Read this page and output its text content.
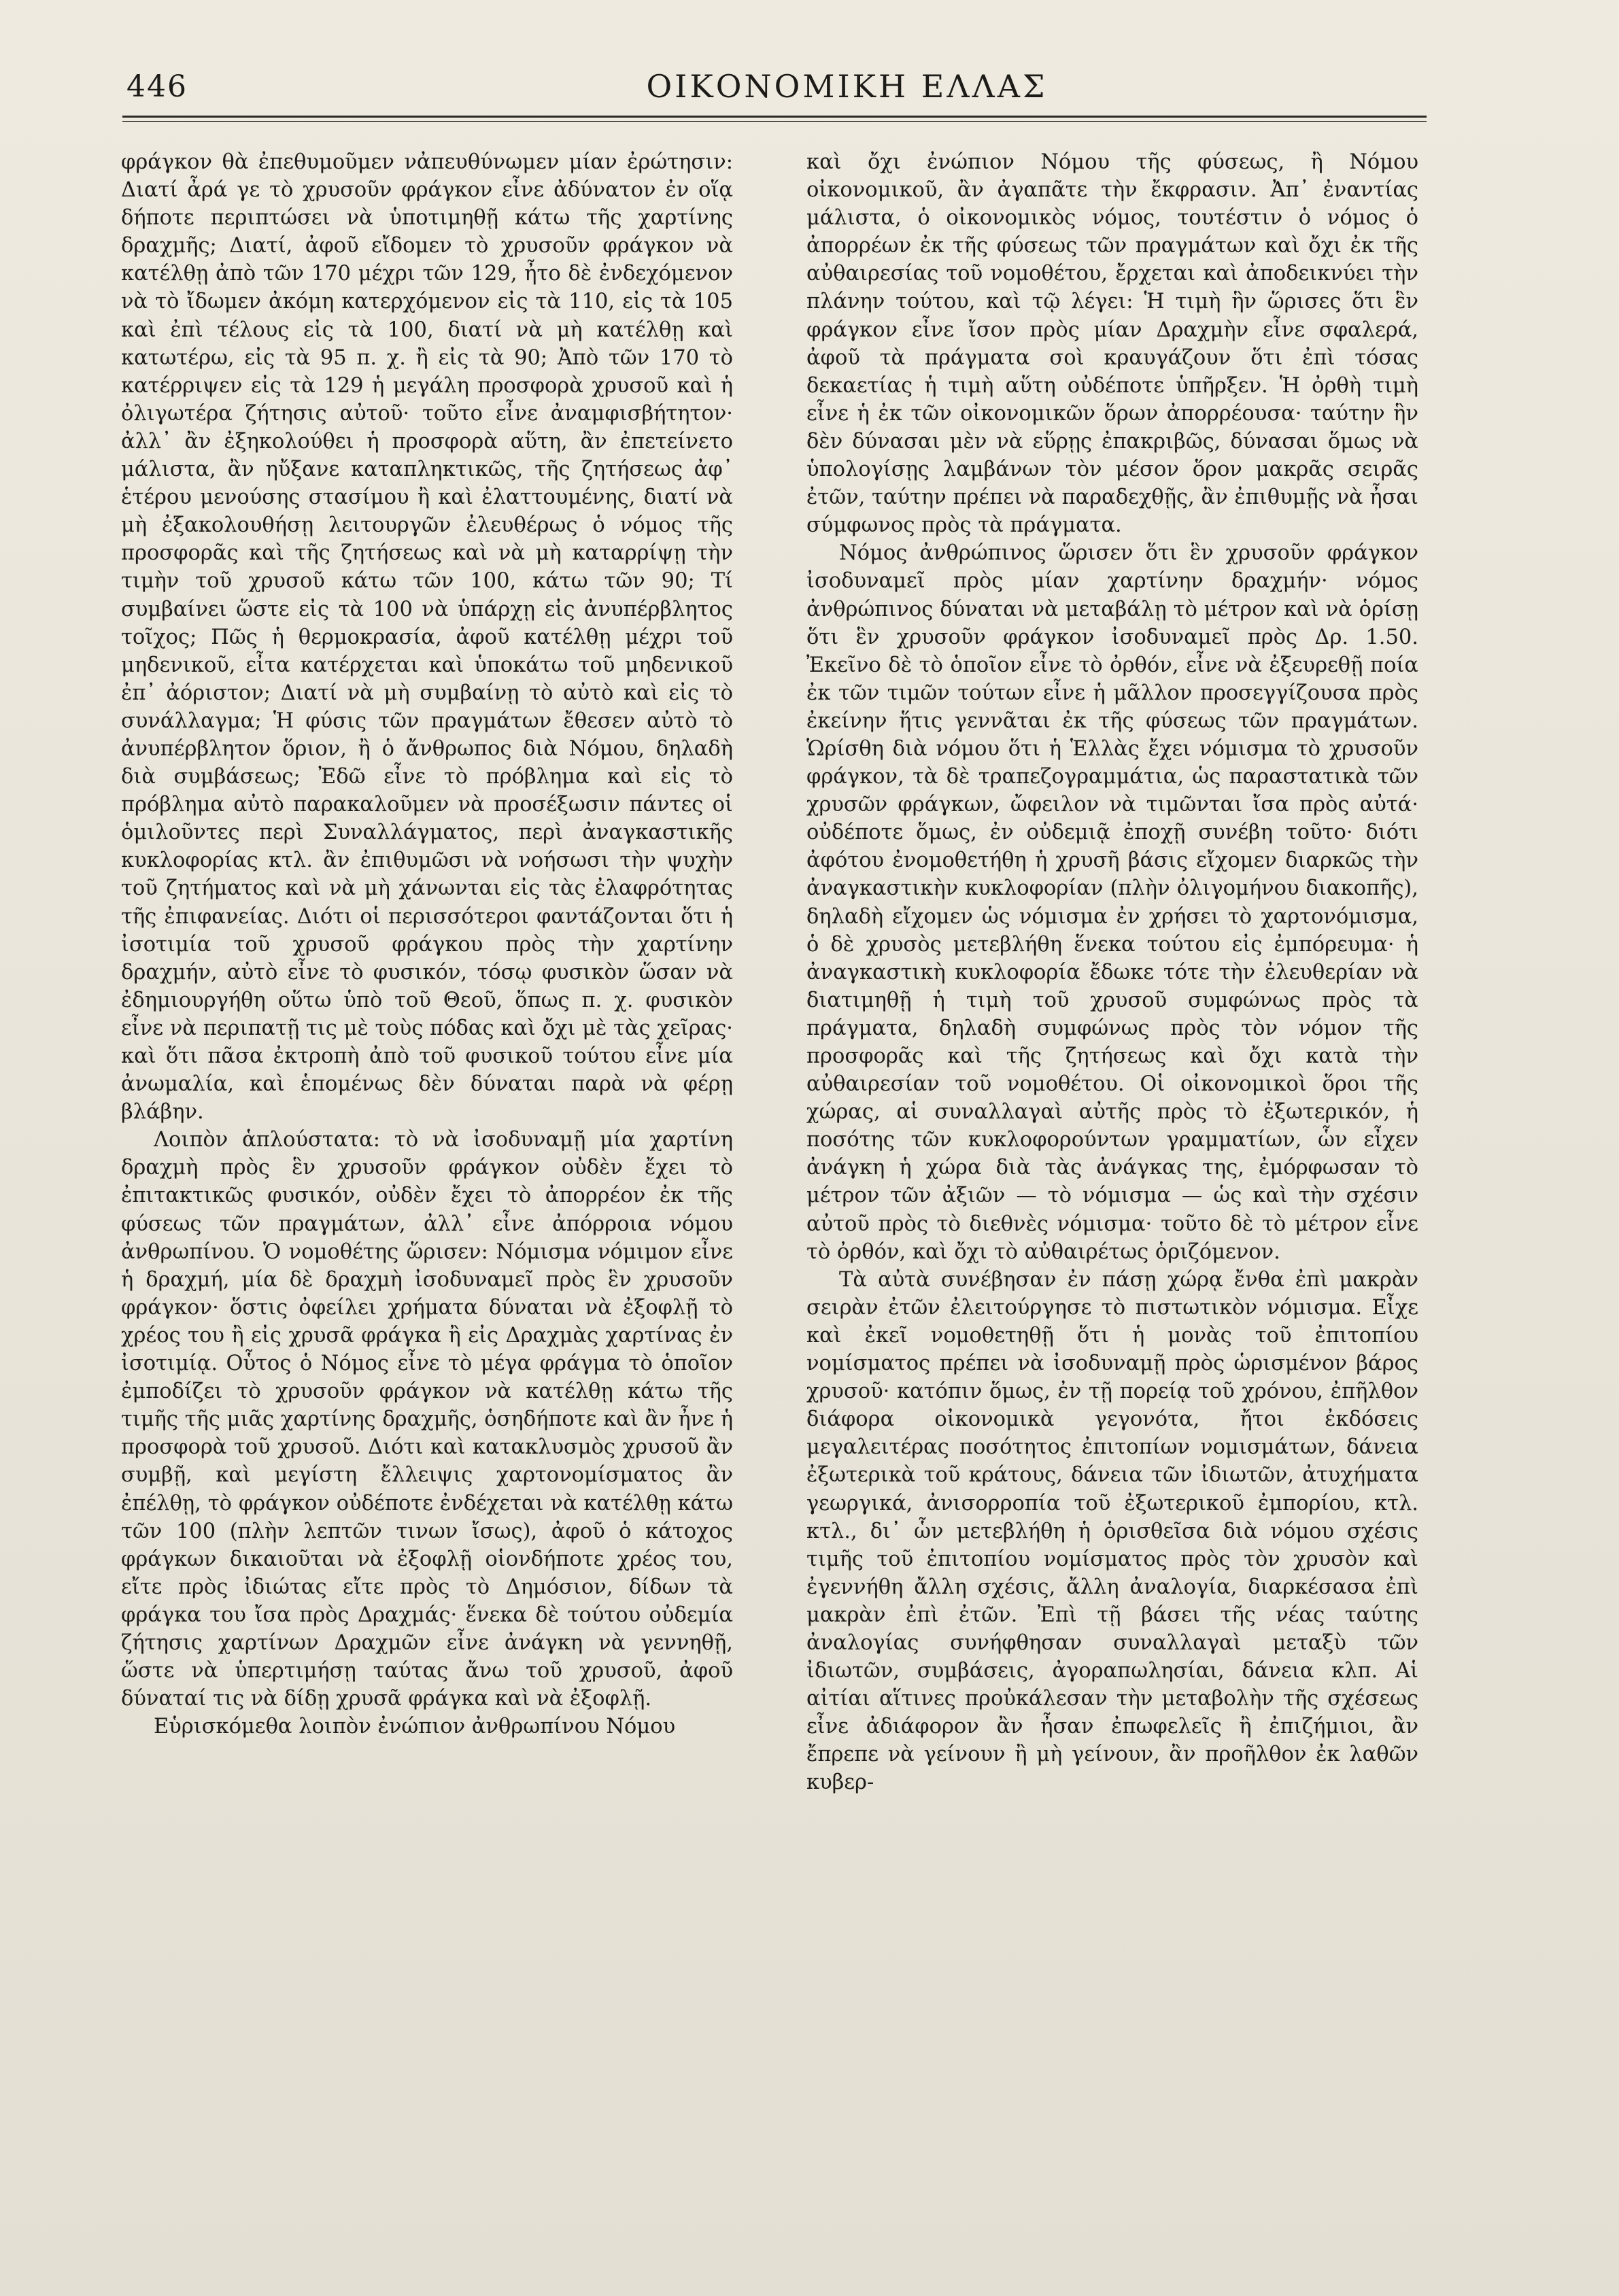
446	ΟΙΚΟΝΟΜΙΚΗ ΕΛΛΑΣ

φράγκον θὰ ἐπεθυμοῦμεν νἀπευθύνωμεν μίαν ἐρώτησιν: Διατί ἆρά γε τὸ χρυσοῦν φράγκον εἶνε ἀδύνατον ἐν οἵᾳ δήποτε περιπτώσει νὰ ὑποτιμηθῇ κάτω τῆς χαρτίνης δραχμῆς; Διατί, ἀφοῦ εἴδομεν τὸ χρυσοῦν φράγκον νὰ κατέλθῃ ἀπὸ τῶν 170 μέχρι τῶν 129, ἦτο δὲ ἐνδεχόμενον νὰ τὸ ἴδωμεν ἀκόμη κατερχόμενον εἰς τὰ 110, εἰς τὰ 105 καὶ ἐπὶ τέλους εἰς τὰ 100, διατί νὰ μὴ κατέλθῃ καὶ κατωτέρω, εἰς τὰ 95 π. χ. ἢ εἰς τὰ 90; Ἀπὸ τῶν 170 τὸ κατέρριψεν εἰς τὰ 129 ἡ μεγάλη προσφορὰ χρυσοῦ καὶ ἡ ὀλιγωτέρα ζήτησις αὐτοῦ· τοῦτο εἶνε ἀναμφισβήτητον· ἀλλ᾽ ἂν ἐξηκολούθει ἡ προσφορὰ αὕτη, ἂν ἐπετείνετο μάλιστα, ἂν ηὔξανε καταπληκτικῶς, τῆς ζητήσεως ἀφ᾽ ἑτέρου μενούσης στασίμου ἢ καὶ ἐλαττουμένης, διατί νὰ μὴ ἐξακολουθήσῃ λειτουργῶν ἐλευθέρως ὁ νόμος τῆς προσφορᾶς καὶ τῆς ζητήσεως καὶ νὰ μὴ καταρρίψῃ τὴν τιμὴν τοῦ χρυσοῦ κάτω τῶν 100, κάτω τῶν 90; Τί συμβαίνει ὥστε εἰς τὰ 100 νὰ ὑπάρχῃ εἰς ἀνυπέρβλητος τοῖχος; Πῶς ἡ θερμοκρασία, ἀφοῦ κατέλθῃ μέχρι τοῦ μηδενικοῦ, εἶτα κατέρχεται καὶ ὑποκάτω τοῦ μηδενικοῦ ἐπ᾽ ἀόριστον; Διατί νὰ μὴ συμβαίνῃ τὸ αὐτὸ καὶ εἰς τὸ συνάλλαγμα; Ἡ φύσις τῶν πραγμάτων ἔθεσεν αὐτὸ τὸ ἀνυπέρβλητον ὅριον, ἢ ὁ ἄνθρωπος διὰ Νόμου, δηλαδὴ διὰ συμβάσεως; Ἐδῶ εἶνε τὸ πρόβλημα καὶ εἰς τὸ πρόβλημα αὐτὸ παρακαλοῦμεν νὰ προσέξωσιν πάντες οἱ ὁμιλοῦντες περὶ Συναλλάγματος, περὶ ἀναγκαστικῆς κυκλοφορίας κτλ. ἂν ἐπιθυμῶσι νὰ νοήσωσι τὴν ψυχὴν τοῦ ζητήματος καὶ νὰ μὴ χάνωνται εἰς τὰς ἐλαφρότητας τῆς ἐπιφανείας. Διότι οἱ περισσότεροι φαντάζονται ὅτι ἡ ἰσοτιμία τοῦ χρυσοῦ φράγκου πρὸς τὴν χαρτίνην δραχμήν, αὐτὸ εἶνε τὸ φυσικόν, τόσῳ φυσικὸν ὥσαν νὰ ἐδημιουργήθη οὕτω ὑπὸ τοῦ Θεοῦ, ὅπως π. χ. φυσικὸν εἶνε νὰ περιπατῇ τις μὲ τοὺς πόδας καὶ ὄχι μὲ τὰς χεῖρας· καὶ ὅτι πᾶσα ἐκτροπὴ ἀπὸ τοῦ φυσικοῦ τούτου εἶνε μία ἀνωμαλία, καὶ ἑπομένως δὲν δύναται παρὰ νὰ φέρῃ βλάβην.

Λοιπὸν ἁπλούστατα: τὸ νὰ ἰσοδυναμῇ μία χαρτίνη δραχμὴ πρὸς ἓν χρυσοῦν φράγκον οὐδὲν ἔχει τὸ ἐπιτακτικῶς φυσικόν, οὐδὲν ἔχει τὸ ἀπορρέον ἐκ τῆς φύσεως τῶν πραγμάτων, ἀλλ᾽ εἶνε ἀπόρροια νόμου ἀνθρωπίνου. Ὁ νομοθέτης ὥρισεν: Νόμισμα νόμιμον εἶνε ἡ δραχμή, μία δὲ δραχμὴ ἰσοδυναμεῖ πρὸς ἓν χρυσοῦν φράγκον· ὅστις ὀφείλει χρήματα δύναται νὰ ἐξοφλῇ τὸ χρέος του ἢ εἰς χρυσᾶ φράγκα ἢ εἰς Δραχμὰς χαρτίνας ἐν ἰσοτιμίᾳ. Οὗτος ὁ Νόμος εἶνε τὸ μέγα φράγμα τὸ ὁποῖον ἐμποδίζει τὸ χρυσοῦν φράγκον νὰ κατέλθῃ κάτω τῆς τιμῆς τῆς μιᾶς χαρτίνης δραχμῆς, ὁσηδήποτε καὶ ἂν ἦνε ἡ προσφορὰ τοῦ χρυσοῦ. Διότι καὶ κατακλυσμὸς χρυσοῦ ἂν συμβῇ, καὶ μεγίστη ἔλλειψις χαρτονομίσματος ἂν ἐπέλθῃ, τὸ φράγκον οὐδέποτε ἐνδέχεται νὰ κατέλθῃ κάτω τῶν 100 (πλὴν λεπτῶν τινων ἴσως), ἀφοῦ ὁ κάτοχος φράγκων δικαιοῦται νὰ ἐξοφλῇ οἱονδήποτε χρέος του, εἴτε πρὸς ἰδιώτας εἴτε πρὸς τὸ Δημόσιον, δίδων τὰ φράγκα του ἴσα πρὸς Δραχμάς· ἕνεκα δὲ τούτου οὐδεμία ζήτησις χαρτίνων Δραχμῶν εἶνε ἀνάγκη νὰ γεννηθῇ, ὥστε νὰ ὑπερτιμήσῃ ταύτας ἄνω τοῦ χρυσοῦ, ἀφοῦ δύναταί τις νὰ δίδῃ χρυσᾶ φράγκα καὶ νὰ ἐξοφλῇ.

Εὑρισκόμεθα λοιπὸν ἐνώπιον ἀνθρωπίνου Νόμου

καὶ ὄχι ἐνώπιον Νόμου τῆς φύσεως, ἢ Νόμου οἰκονομικοῦ, ἂν ἀγαπᾶτε τὴν ἔκφρασιν. Ἀπ᾽ ἐναντίας μάλιστα, ὁ οἰκονομικὸς νόμος, τουτέστιν ὁ νόμος ὁ ἀπορρέων ἐκ τῆς φύσεως τῶν πραγμάτων καὶ ὄχι ἐκ τῆς αὐθαιρεσίας τοῦ νομοθέτου, ἔρχεται καὶ ἀποδεικνύει τὴν πλάνην τούτου, καὶ τῷ λέγει: Ἡ τιμὴ ἣν ὥρισες ὅτι ἓν φράγκον εἶνε ἴσον πρὸς μίαν Δραχμὴν εἶνε σφαλερά, ἀφοῦ τὰ πράγματα σοὶ κραυγάζουν ὅτι ἐπὶ τόσας δεκαετίας ἡ τιμὴ αὕτη οὐδέποτε ὑπῆρξεν. Ἡ ὀρθὴ τιμὴ εἶνε ἡ ἐκ τῶν οἰκονομικῶν ὅρων ἀπορρέουσα· ταύτην ἣν δὲν δύνασαι μὲν νὰ εὕρῃς ἐπακριβῶς, δύνασαι ὅμως νὰ ὑπολογίσῃς λαμβάνων τὸν μέσον ὅρον μακρᾶς σειρᾶς ἐτῶν, ταύτην πρέπει νὰ παραδεχθῇς, ἂν ἐπιθυμῇς νὰ ἦσαι σύμφωνος πρὸς τὰ πράγματα.

Νόμος ἀνθρώπινος ὥρισεν ὅτι ἓν χρυσοῦν φράγκον ἰσοδυναμεῖ πρὸς μίαν χαρτίνην δραχμήν· νόμος ἀνθρώπινος δύναται νὰ μεταβάλῃ τὸ μέτρον καὶ νὰ ὁρίσῃ ὅτι ἓν χρυσοῦν φράγκον ἰσοδυναμεῖ πρὸς Δρ. 1.50. Ἐκεῖνο δὲ τὸ ὁποῖον εἶνε τὸ ὀρθόν, εἶνε νὰ ἐξευρεθῇ ποία ἐκ τῶν τιμῶν τούτων εἶνε ἡ μᾶλλον προσεγγίζουσα πρὸς ἐκείνην ἥτις γεννᾶται ἐκ τῆς φύσεως τῶν πραγμάτων. Ὡρίσθη διὰ νόμου ὅτι ἡ Ἑλλὰς ἔχει νόμισμα τὸ χρυσοῦν φράγκον, τὰ δὲ τραπεζογραμμάτια, ὡς παραστατικὰ τῶν χρυσῶν φράγκων, ὤφειλον νὰ τιμῶνται ἴσα πρὸς αὐτά· οὐδέποτε ὅμως, ἐν οὐδεμιᾷ ἐποχῇ συνέβη τοῦτο· διότι ἀφότου ἐνομοθετήθη ἡ χρυσῆ βάσις εἴχομεν διαρκῶς τὴν ἀναγκαστικὴν κυκλοφορίαν (πλὴν ὀλιγομήνου διακοπῆς), δηλαδὴ εἴχομεν ὡς νόμισμα ἐν χρήσει τὸ χαρτονόμισμα, ὁ δὲ χρυσὸς μετεβλήθη ἕνεκα τούτου εἰς ἐμπόρευμα· ἡ ἀναγκαστικὴ κυκλοφορία ἔδωκε τότε τὴν ἐλευθερίαν νὰ διατιμηθῇ ἡ τιμὴ τοῦ χρυσοῦ συμφώνως πρὸς τὰ πράγματα, δηλαδὴ συμφώνως πρὸς τὸν νόμον τῆς προσφορᾶς καὶ τῆς ζητήσεως καὶ ὄχι κατὰ τὴν αὐθαιρεσίαν τοῦ νομοθέτου. Οἱ οἰκονομικοὶ ὅροι τῆς χώρας, αἱ συναλλαγαὶ αὐτῆς πρὸς τὸ ἐξωτερικόν, ἡ ποσότης τῶν κυκλοφορούντων γραμματίων, ὧν εἶχεν ἀνάγκη ἡ χώρα διὰ τὰς ἀνάγκας της, ἐμόρφωσαν τὸ μέτρον τῶν ἀξιῶν — τὸ νόμισμα — ὡς καὶ τὴν σχέσιν αὐτοῦ πρὸς τὸ διεθνὲς νόμισμα· τοῦτο δὲ τὸ μέτρον εἶνε τὸ ὀρθόν, καὶ ὄχι τὸ αὐθαιρέτως ὁριζόμενον.

Τὰ αὐτὰ συνέβησαν ἐν πάσῃ χώρᾳ ἔνθα ἐπὶ μακρὰν σειρὰν ἐτῶν ἐλειτούργησε τὸ πιστωτικὸν νόμισμα. Εἶχε καὶ ἐκεῖ νομοθετηθῇ ὅτι ἡ μονὰς τοῦ ἐπιτοπίου νομίσματος πρέπει νὰ ἰσοδυναμῇ πρὸς ὡρισμένον βάρος χρυσοῦ· κατόπιν ὅμως, ἐν τῇ πορείᾳ τοῦ χρόνου, ἐπῆλθον διάφορα οἰκονομικὰ γεγονότα, ἤτοι ἐκδόσεις μεγαλειτέρας ποσότητος ἐπιτοπίων νομισμάτων, δάνεια ἐξωτερικὰ τοῦ κράτους, δάνεια τῶν ἰδιωτῶν, ἀτυχήματα γεωργικά, ἀνισορροπία τοῦ ἐξωτερικοῦ ἐμπορίου, κτλ. κτλ., δι᾽ ὧν μετεβλήθη ἡ ὁρισθεῖσα διὰ νόμου σχέσις τιμῆς τοῦ ἐπιτοπίου νομίσματος πρὸς τὸν χρυσὸν καὶ ἐγεννήθη ἄλλη σχέσις, ἄλλη ἀναλογία, διαρκέσασα ἐπὶ μακρὰν ἐπὶ ἐτῶν. Ἐπὶ τῇ βάσει τῆς νέας ταύτης ἀναλογίας συνήφθησαν συναλλαγαὶ μεταξὺ τῶν ἰδιωτῶν, συμβάσεις, ἀγοραπωλησίαι, δάνεια κλπ. Αἱ αἰτίαι αἵτινες προὐκάλεσαν τὴν μεταβολὴν τῆς σχέσεως εἶνε ἀδιάφορον ἂν ἦσαν ἐπωφελεῖς ἢ ἐπιζήμιοι, ἂν ἔπρεπε νὰ γείνουν ἢ μὴ γείνουν, ἂν προῆλθον ἐκ λαθῶν κυβερ-
